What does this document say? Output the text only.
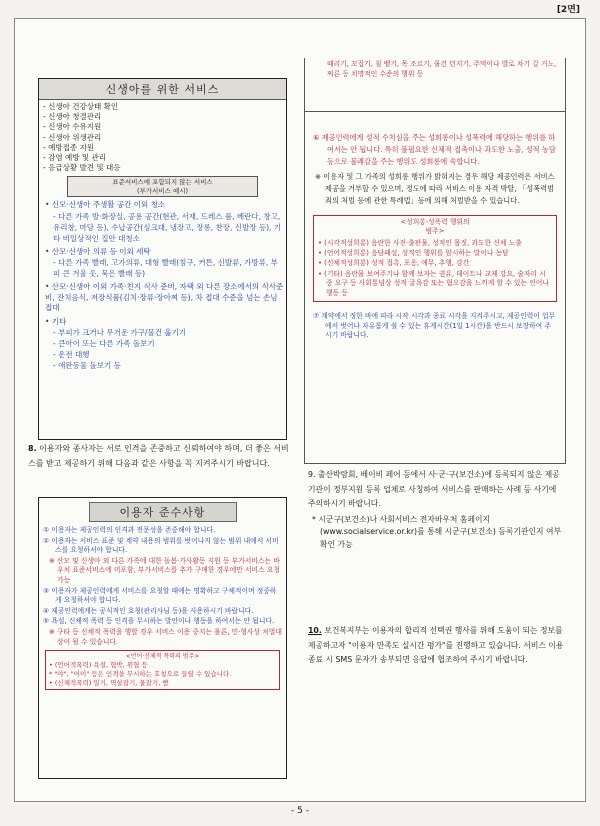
[2면]
신생아를 위한 서비스
- 신생아 건강상태 확인
- 신생아 청결관리
- 신생아 수유지원
- 신생아 위생관리
- 예방접종 지원
- 감염 예방 및 관리
- 응급상황 발견 및 대응
표준서비스에 포함되지 않는 서비스
(부가서비스 예시)
• 신모·신생아 주생활 공간 이외 청소
- 다른 가족 방·화장실, 공용 공간(현관, 서재, 드레스 룸, 베란다, 창고, 유리창, 마당 등), 수납공간(싱크대, 냉장고, 장롱, 찬장, 신발장 등), 기타 비일상적인 집안 대청소
• 산모·신생아 의류 등 이외 세탁
- 다른 가족 빨래, 고가의류, 대형 빨래(침구, 커튼, 신발류, 가방류, 부피 큰 겨울 옷, 묵은 빨래 등)
• 산모·신생아 이외 가족·친지 식사 준비, 자택 외 다른 장소에서의 식사준비, 잔치음식, 저장식품(김치·장류·장아찌 등), 차 접대 수준을 넘는 손님 접대
• 기타
- 부피가 크거나 무거운 가구/물건 옮기기
- 큰아이 또는 다른 가족 돌보기
- 운전 대행
- 애완동물 돌보기 등
8. 이용자와 종사자는 서로 인격을 존중하고 신뢰하여야 하며, 더 좋은 서비스를 받고 제공하기 위해 다음과 같은 사항을 꼭 지켜주시기 바랍니다.
이용자 준수사항
① 이용자는 제공인력의 인격과 전문성을 존중해야 합니다.
② 이용자는 서비스 표준 및 계약 내용의 범위를 벗어나지 않는 범위 내에서 서비스를 요청하셔야 합니다.
※ 산모 및 신생아 외 다른 가족에 대한 돌봄·가사활동 지원 등 부가서비스는 바우처 표준서비스에 미포함, 부가서비스를 추가 구매한 경우에만 서비스 요청 가능
③ 이용자가 제공인력에게 서비스를 요청할 때에는 명확하고 구체적이며 정중하게 요청하셔야 합니다.
④ 제공인력에게는 공식적인 호칭(관리사님 등)을 사용하시기 바랍니다.
⑤ 욕설, 신체적 폭력 등 인격을 무시하는 발언이나 행동을 하여서는 안 됩니다.
※ 구타 등 신체적 폭력을 행할 경우 서비스 이용 중지는 물론, 민·형사상 처벌대상이 될 수 있습니다.
<언어·신체적 폭력의 범주>
• (언어적폭력) 욕설, 협박, 위협 등
* "야", "어이" 등은 인격을 무시하는 호칭으로 들릴 수 있습니다.
• (신체적폭력) 밀기, 멱살잡기, 물잡기, 빰
때리기, 꼬집기, 침 뱉기, 목 조르기, 물건 던지기, 주먹이나 발로 차기 갈 거노, 찌른 등 치명적인 수준의 행위 등
⑥ 제공인력에게 성적 수치심을 주는 성희롱이나 성폭력에 해당하는 행위를 하여서는 안 됩니다. 특히 불필요한 신체적 접촉이나 과도한 노출, 성적 농담 등으로 불쾌감을 주는 행위도 성희롱에 속합니다.
※ 이용자 및 그 가족의 성희롱 행위가 밝혀지는 경우 해당 제공인력은 서비스 제공을 거부할 수 있으며, 정도에 따라 서비스 이용 자격 박탈, 「성폭력범죄의 처벌 등에 관한 특례법」등에 의해 처벌받을 수 있습니다.
<성희롱·성폭력 행위의
범주>
• (시각적성희롱) 음란한 사진·출판물, 성적인 몸짓, 과도한 신체 노출
• (언어적성희롱) 음담패설, 성적인 행위를 암시하는 말이나 농담
• (신체적성희롱) 성적 접촉, 포옹, 애무, 추행, 강간
• (기타) 음란물 보여주기나 함께 보자는 권유, 데이트나 교제 강요, 술자리 시 중 요구 등 사회통념상 성적 굴욕감 또는 혐오감을 느끼게 할 수 있는 언어나 행동 등
⑦ 계약에서 정한 바에 따라 시작 시각과 종료 시각을 지켜주시고, 제공인력이 업무에서 벗어나 자유롭게 쉴 수 있는 휴게시간(1일 1시간)을 반드시 보장하여 주시기 바랍니다.
9. 출산박람회, 베이비 페어 등에서 사·군·구(보건소)에 등록되지 않은 제공기관이 정부지원 등록 업체로 사칭하여 서비스를 판매하는 사례 등 사기에 주의하시기 바랍니다.
* 시군구(보건소)나 사회서비스 전자바우처 홈페이지(www.socialservice.or.kr)를 통해 시군구(보건소) 등록기관인지 여부 확인 가능
10. 보건복지부는 이용자의 합리적 선택권 행사를 위해 도움이 되는 정보를 제공하고자 "이용자 만족도 실시간 평가"를 진행하고 있습니다. 서비스 이용 종료 시 SMS 문자가 송부되면 응답에 협조하여 주시기 바랍니다.
- 5 -
